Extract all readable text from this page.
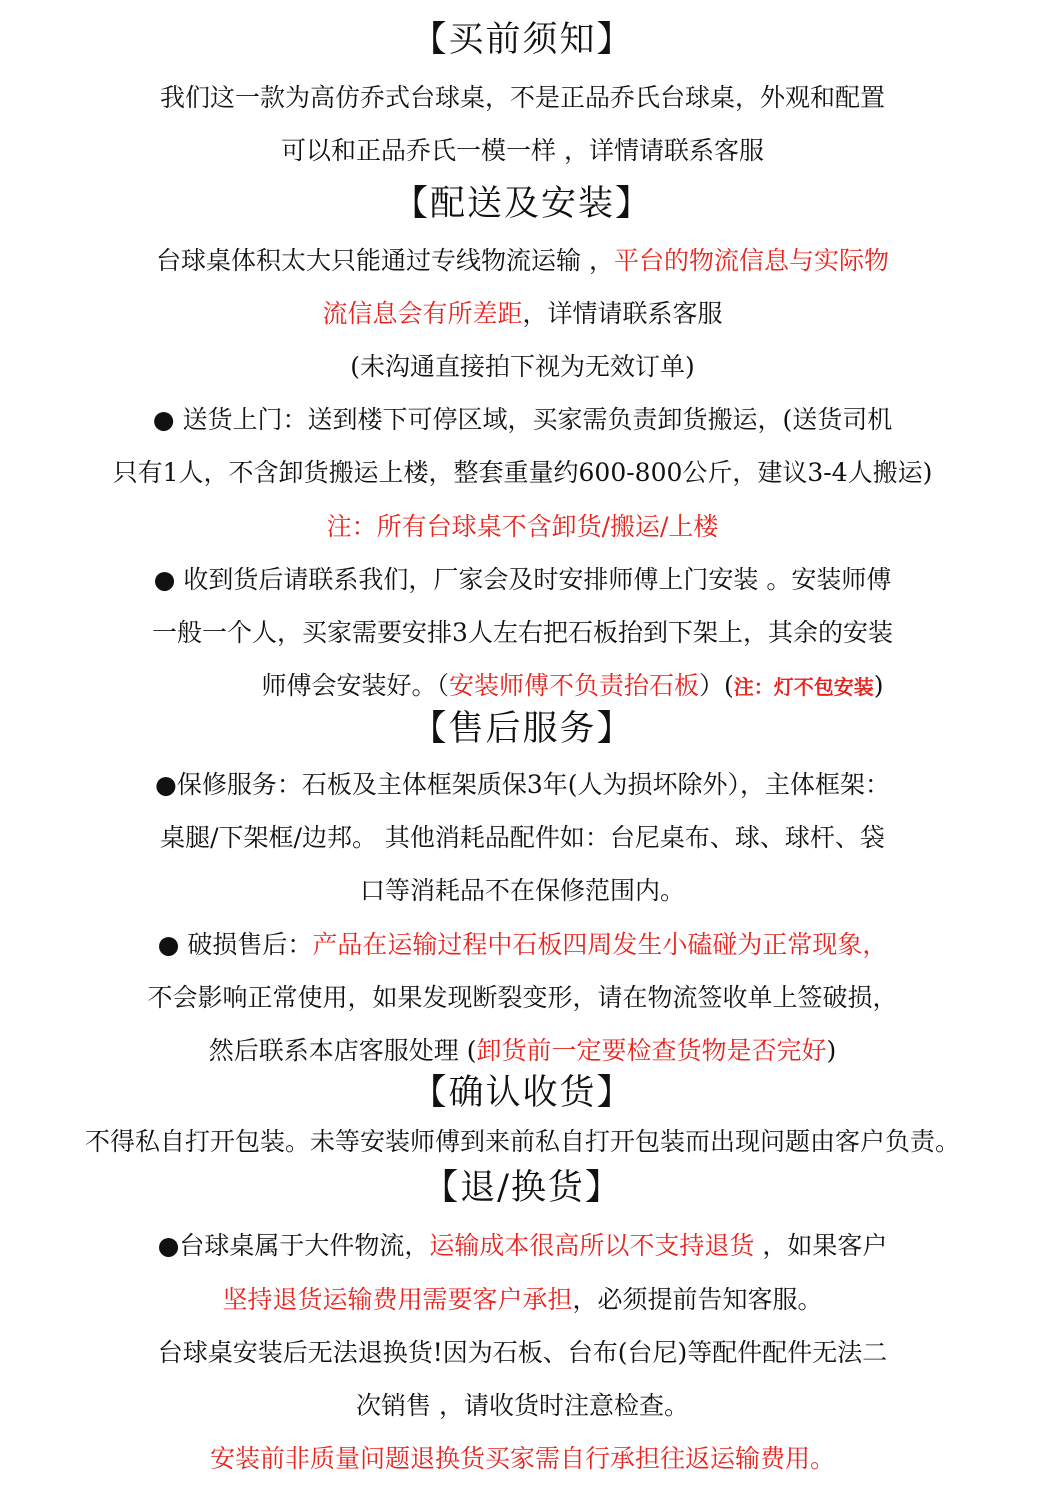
【买前须知】
我们这一款为高仿乔式台球桌，不是正品乔氏台球桌，外观和配置
可以和正品乔氏一模一样 ，详情请联系客服
【配送及安装】
台球桌体积太大只能通过专线物流运输 ，平台的物流信息与实际物
流信息会有所差距，详情请联系客服
(未沟通直接拍下视为无效订单)
● 送货上门：送到楼下可停区域，买家需负责卸货搬运，(送货司机
只有1人，不含卸货搬运上楼，整套重量约600-800公斤，建议3-4人搬运)
注：所有台球桌不含卸货/搬运/上楼
● 收到货后请联系我们，厂家会及时安排师傅上门安装 。安装师傅
一般一个人，买家需要安排3人左右把石板抬到下架上，其余的安装
师傅会安装好。（安装师傅不负责抬石板）(注：灯不包安装)
【售后服务】
●保修服务：石板及主体框架质保3年(人为损坏除外），主体框架：
桌腿/下架框/边邦。 其他消耗品配件如：台尼桌布、球、球杆、袋
口等消耗品不在保修范围内。
● 破损售后：产品在运输过程中石板四周发生小磕碰为正常现象，
不会影响正常使用，如果发现断裂变形，请在物流签收单上签破损，
然后联系本店客服处理 (卸货前一定要检查货物是否完好)
【确认收货】
不得私自打开包装。未等安装师傅到来前私自打开包装而出现问题由客户负责。
【退/换货】
●台球桌属于大件物流，运输成本很高所以不支持退货 ，如果客户
坚持退货运输费用需要客户承担，必须提前告知客服。
台球桌安装后无法退换货!因为石板、台布(台尼)等配件配件无法二
次销售 ，请收货时注意检查。
安装前非质量问题退换货买家需自行承担往返运输费用。
